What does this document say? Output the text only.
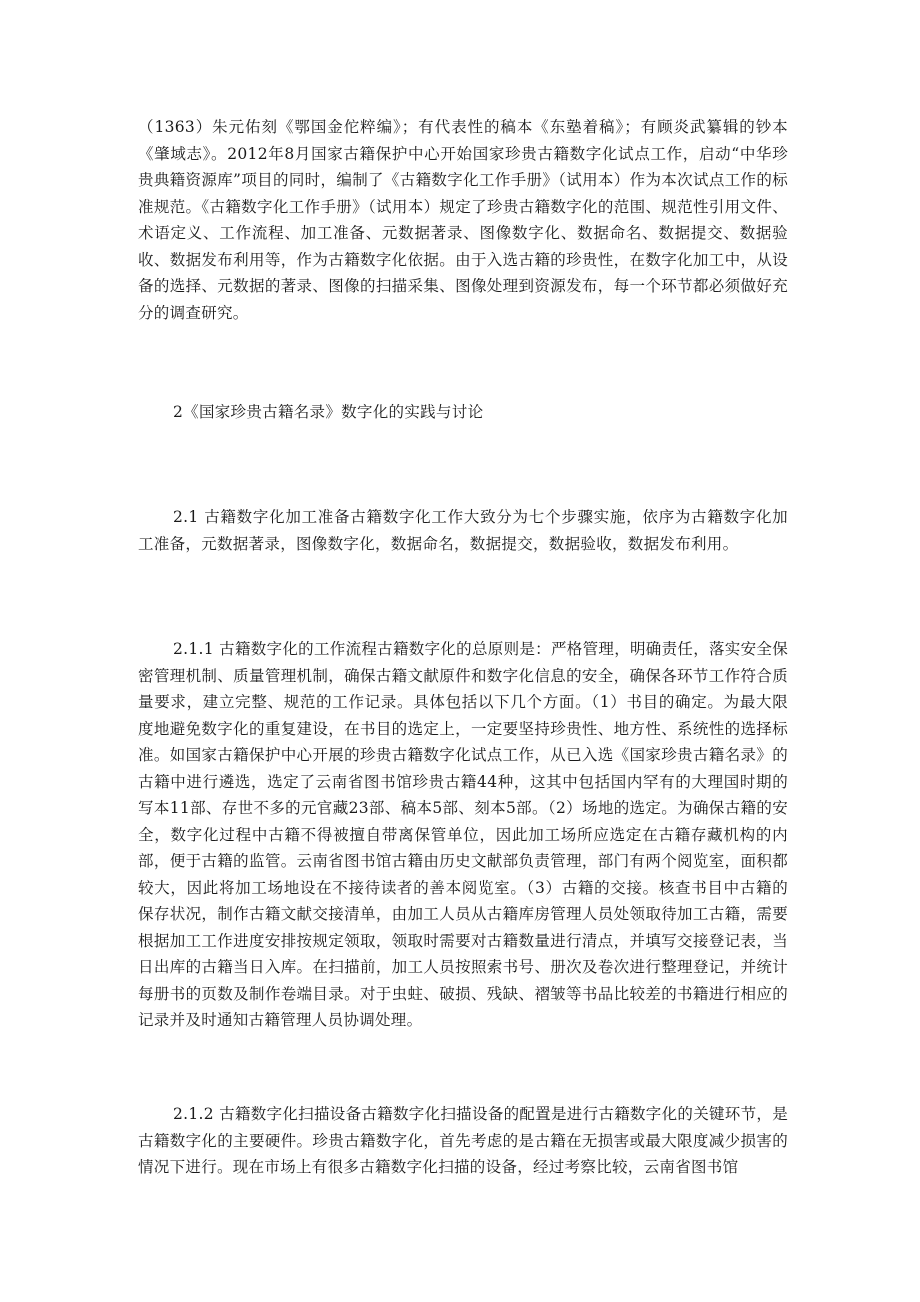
（1363）朱元佑刻《鄂国金佗粹编》；有代表性的稿本《东塾着稿》；有顾炎武纂辑的钞本《肇域志》。2012年8月国家古籍保护中心开始国家珍贵古籍数字化试点工作，启动“中华珍贵典籍资源库”项目的同时，编制了《古籍数字化工作手册》（试用本）作为本次试点工作的标准规范。《古籍数字化工作手册》（试用本）规定了珍贵古籍数字化的范围、规范性引用文件、术语定义、工作流程、加工准备、元数据著录、图像数字化、数据命名、数据提交、数据验收、数据发布利用等，作为古籍数字化依据。由于入选古籍的珍贵性，在数字化加工中，从设备的选择、元数据的著录、图像的扫描采集、图像处理到资源发布，每一个环节都必须做好充分的调查研究。

2《国家珍贵古籍名录》数字化的实践与讨论

2.1 古籍数字化加工准备古籍数字化工作大致分为七个步骤实施，依序为古籍数字化加工准备，元数据著录，图像数字化，数据命名，数据提交，数据验收，数据发布利用。

2.1.1 古籍数字化的工作流程古籍数字化的总原则是：严格管理，明确责任，落实安全保密管理机制、质量管理机制，确保古籍文献原件和数字化信息的安全，确保各环节工作符合质量要求，建立完整、规范的工作记录。具体包括以下几个方面。（1）书目的确定。为最大限度地避免数字化的重复建设，在书目的选定上，一定要坚持珍贵性、地方性、系统性的选择标准。如国家古籍保护中心开展的珍贵古籍数字化试点工作，从已入选《国家珍贵古籍名录》的古籍中进行遴选，选定了云南省图书馆珍贵古籍44种，这其中包括国内罕有的大理国时期的写本11部、存世不多的元官藏23部、稿本5部、刻本5部。（2）场地的选定。为确保古籍的安全，数字化过程中古籍不得被擅自带离保管单位，因此加工场所应选定在古籍存藏机构的内部，便于古籍的监管。云南省图书馆古籍由历史文献部负责管理，部门有两个阅览室，面积都较大，因此将加工场地设在不接待读者的善本阅览室。（3）古籍的交接。核查书目中古籍的保存状况，制作古籍文献交接清单，由加工人员从古籍库房管理人员处领取待加工古籍，需要根据加工工作进度安排按规定领取，领取时需要对古籍数量进行清点，并填写交接登记表，当日出库的古籍当日入库。在扫描前，加工人员按照索书号、册次及卷次进行整理登记，并统计每册书的页数及制作卷端目录。对于虫蛀、破损、残缺、褶皱等书品比较差的书籍进行相应的记录并及时通知古籍管理人员协调处理。

2.1.2 古籍数字化扫描设备古籍数字化扫描设备的配置是进行古籍数字化的关键环节，是古籍数字化的主要硬件。珍贵古籍数字化，首先考虑的是古籍在无损害或最大限度减少损害的情况下进行。现在市场上有很多古籍数字化扫描的设备，经过考察比较，云南省图书馆
